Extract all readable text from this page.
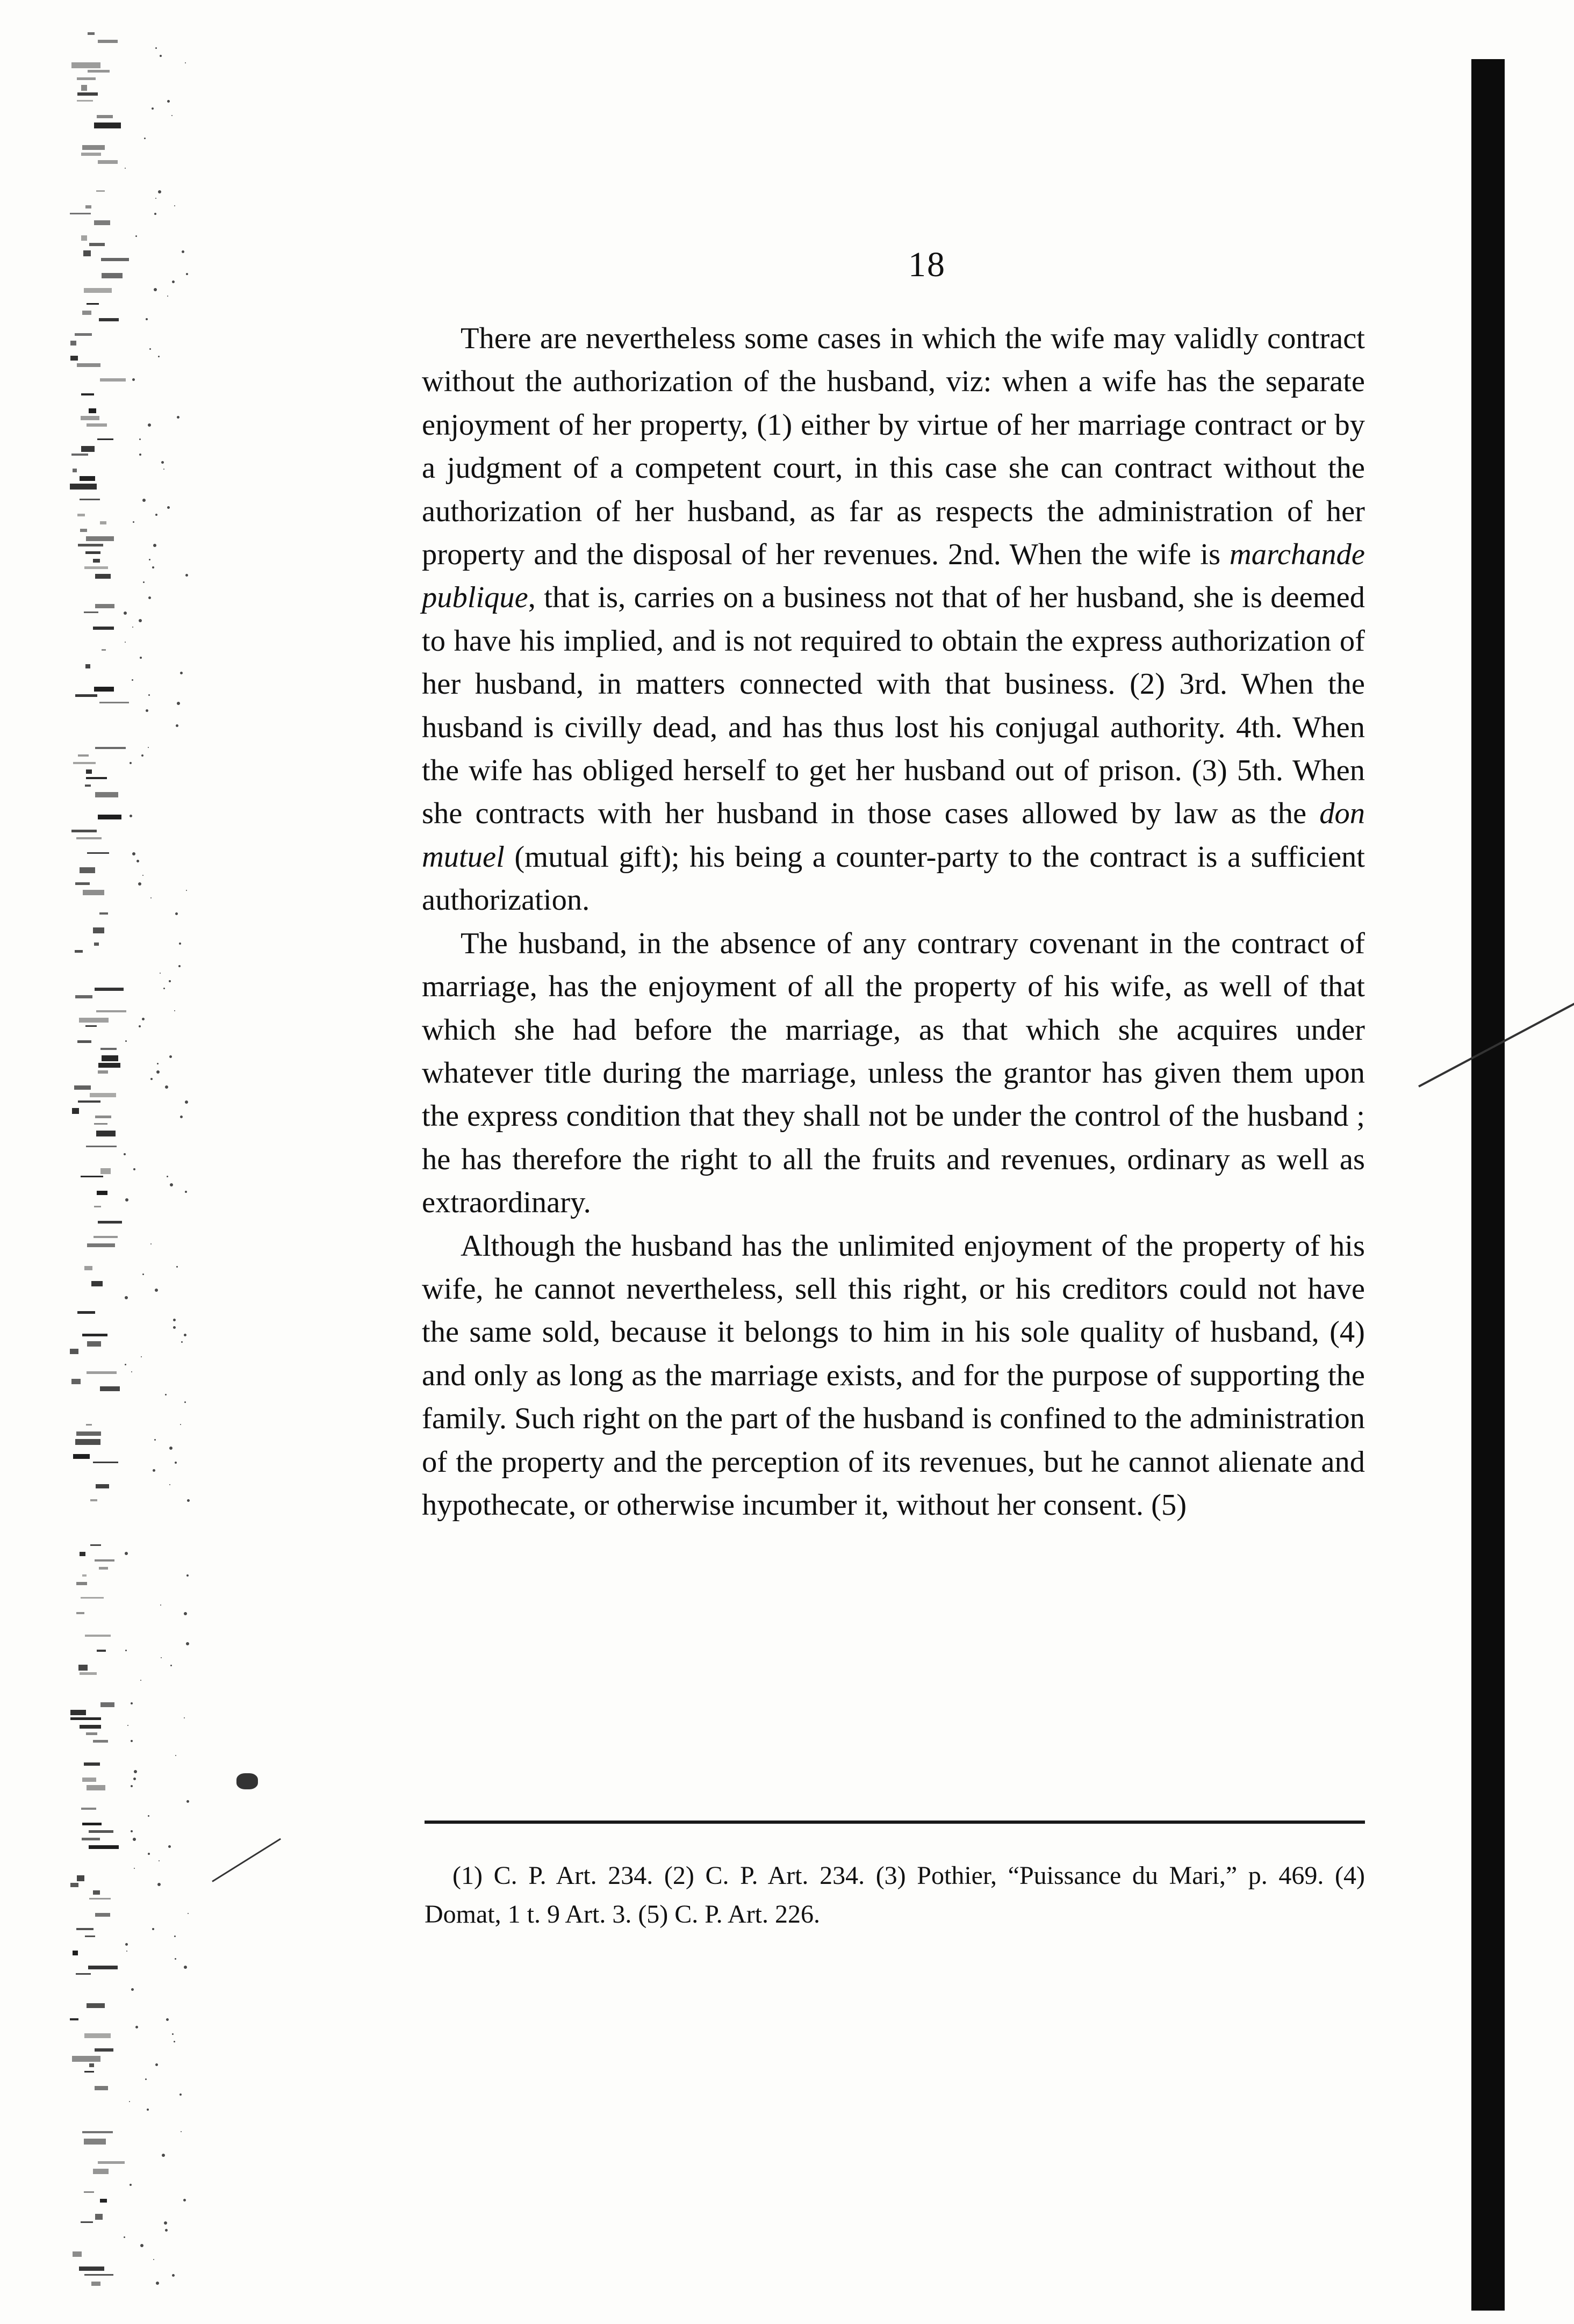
18

There are nevertheless some cases in which the wife may validly contract without the authorization of the husband, viz: when a wife has the separate enjoyment of her property, (1) either by virtue of her marriage contract or by a judgment of a competent court, in this case she can contract without the authorization of her husband, as far as respects the administration of her property and the disposal of her revenues. 2nd. When the wife is marchande publique, that is, carries on a business not that of her husband, she is deemed to have his implied, and is not required to obtain the express authorization of her husband, in matters connected with that business. (2) 3rd. When the husband is civilly dead, and has thus lost his conjugal authority. 4th. When the wife has obliged herself to get her husband out of prison. (3) 5th. When she contracts with her husband in those cases allowed by law as the don mutuel (mutual gift); his being a counter-party to the contract is a sufficient authorization.

The husband, in the absence of any contrary covenant in the contract of marriage, has the enjoyment of all the property of his wife, as well of that which she had before the marriage, as that which she acquires under whatever title during the marriage, unless the grantor has given them upon the express condition that they shall not be under the control of the husband ; he has therefore the right to all the fruits and revenues, ordinary as well as extraordinary.

Although the husband has the unlimited enjoyment of the property of his wife, he cannot nevertheless, sell this right, or his creditors could not have the same sold, because it belongs to him in his sole quality of husband, (4) and only as long as the marriage exists, and for the purpose of supporting the family. Such right on the part of the husband is confined to the administration of the property and the perception of its revenues, but he cannot alienate and hypothecate, or otherwise incumber it, without her consent. (5)

(1) C. P. Art. 234. (2) C. P. Art. 234. (3) Pothier, “Puissance du Mari,” p. 469. (4) Domat, 1 t. 9 Art. 3. (5) C. P. Art. 226.
